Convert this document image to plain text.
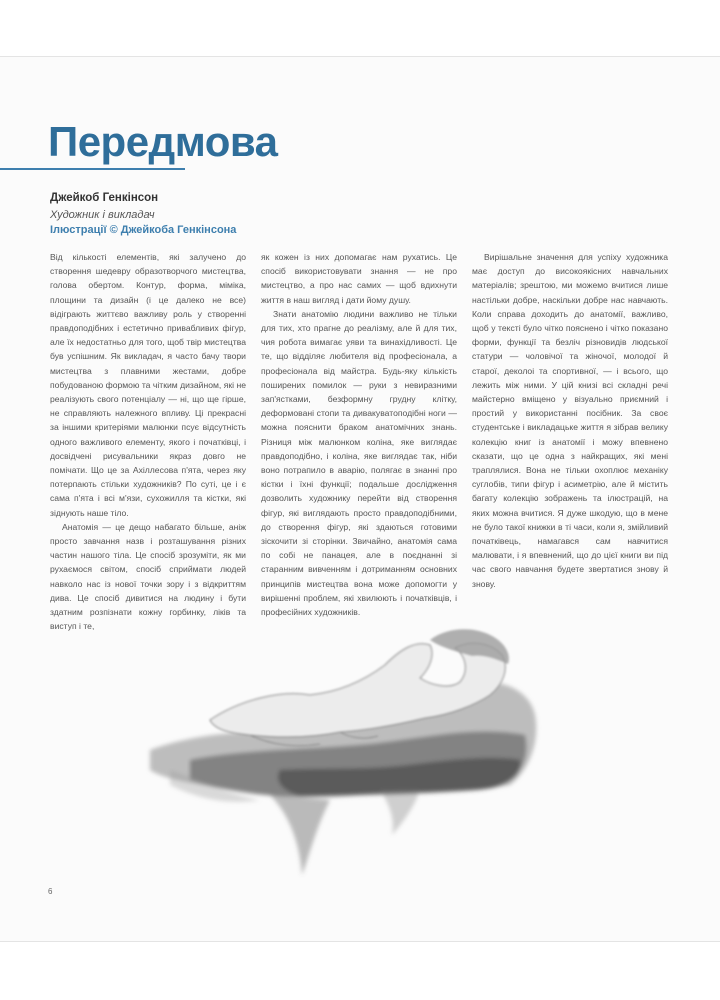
Передмова
Джейкоб Генкінсон
Художник і викладач
Ілюстрації © Джейкоба Генкінсона

Від кількості елементів, які залучено до створення шедевру образотворчого мистецтва, голова обертом. Контур, форма, міміка, площини та дизайн (і це далеко не все) відіграють життєво важливу роль у створенні правдоподібних і естетично привабливих фігур, але їх недостатньо для того, щоб твір мистецтва був успішним. Як викладач, я часто бачу твори мистецтва з плавними жестами, добре побудованою формою та чітким дизайном, які не реалізують свого потенціалу — ні, що ще гірше, не справляють належного впливу. Ці прекрасні за іншими критеріями малюнки псує відсутність одного важливого елементу, якого і початківці, і досвідчені рисувальники якраз довго не помічати. Що це за Ахіллесова п'ята, через яку потерпають стільки художників? По суті, це і є сама п'ята і всі м'язи, сухожилля та кістки, які зіднують наше тіло.

Анатомія — це дещо набагато більше, аніж просто завчання назв і розташування різних частин нашого тіла. Це спосіб зрозуміти, як ми рухаємося світом, спосіб сприймати людей навколо нас із нової точки зору і з відкриттям дива. Це спосіб дивитися на людину і бути здатним розпізнати кожну горбинку, ліків та виступ і те,

як кожен із них допомагає нам рухатись. Це спосіб використовувати знання — не про мистецтво, а про нас самих — щоб вдихнути життя в наш вигляд і дати йому душу.

Знати анатомію людини важливо не тільки для тих, хто прагне до реалізму, але й для тих, чия робота вимагає уяви та винахідливості. Це те, що відділяє любителя від професіонала, а професіонала від майстра. Будь-яку кількість поширених помилок — руки з невиразними зап'ястками, безформну грудну клітку, деформовані стопи та дивакуватоподібні ноги — можна пояснити браком анатомічних знань. Різниця між малюнком коліна, яке виглядає правдоподібно, і коліна, яке виглядає так, ніби воно потрапило в аварію, полягає в знанні про кістки і їхні функції; подальше дослідження дозволить художнику перейти від створення фігур, які виглядають просто правдоподібними, до створення фігур, які здаються готовими зіскочити зі сторінки. Звичайно, анатомія сама по собі не панацея, але в поєднанні зі старанним вивченням і дотриманням основних принципів мистецтва вона може допомогти у вирішенні проблем, які хвилюють і початківців, і професійних художників.

Вирішальне значення для успіху художника має доступ до високоякісних навчальних матеріалів; зрештою, ми можемо вчитися лише настільки добре, наскільки добре нас навчають. Коли справа доходить до анатомії, важливо, щоб у тексті було чітко пояснено і чітко показано форми, функції та безліч різновидів людської статури — чоловічої та жіночої, молодої й старої, деколоі та спортивної, — і всього, що лежить між ними. У цій книзі всі складні речі майстерно вміщено у візуально приємний і простий у використанні посібник. За своє студентське і викладацьке життя я зібрав велику колекцію книг із анатомії і можу впевнено сказати, що це одна з найкращих, які мені траплялися. Вона не тільки охоплює механіку суглобів, типи фігур і асиметрію, але й містить багату колекцію зображень та ілюстрацій, на яких можна вчитися. Я дуже шкодую, що в мене не було такої книжки в ті часи, коли я, змійливий початківець, намагався сам навчитися малювати, і я впевнений, що до цієї книги ви під час свого навчання будете звертатися знову й знову.

6
